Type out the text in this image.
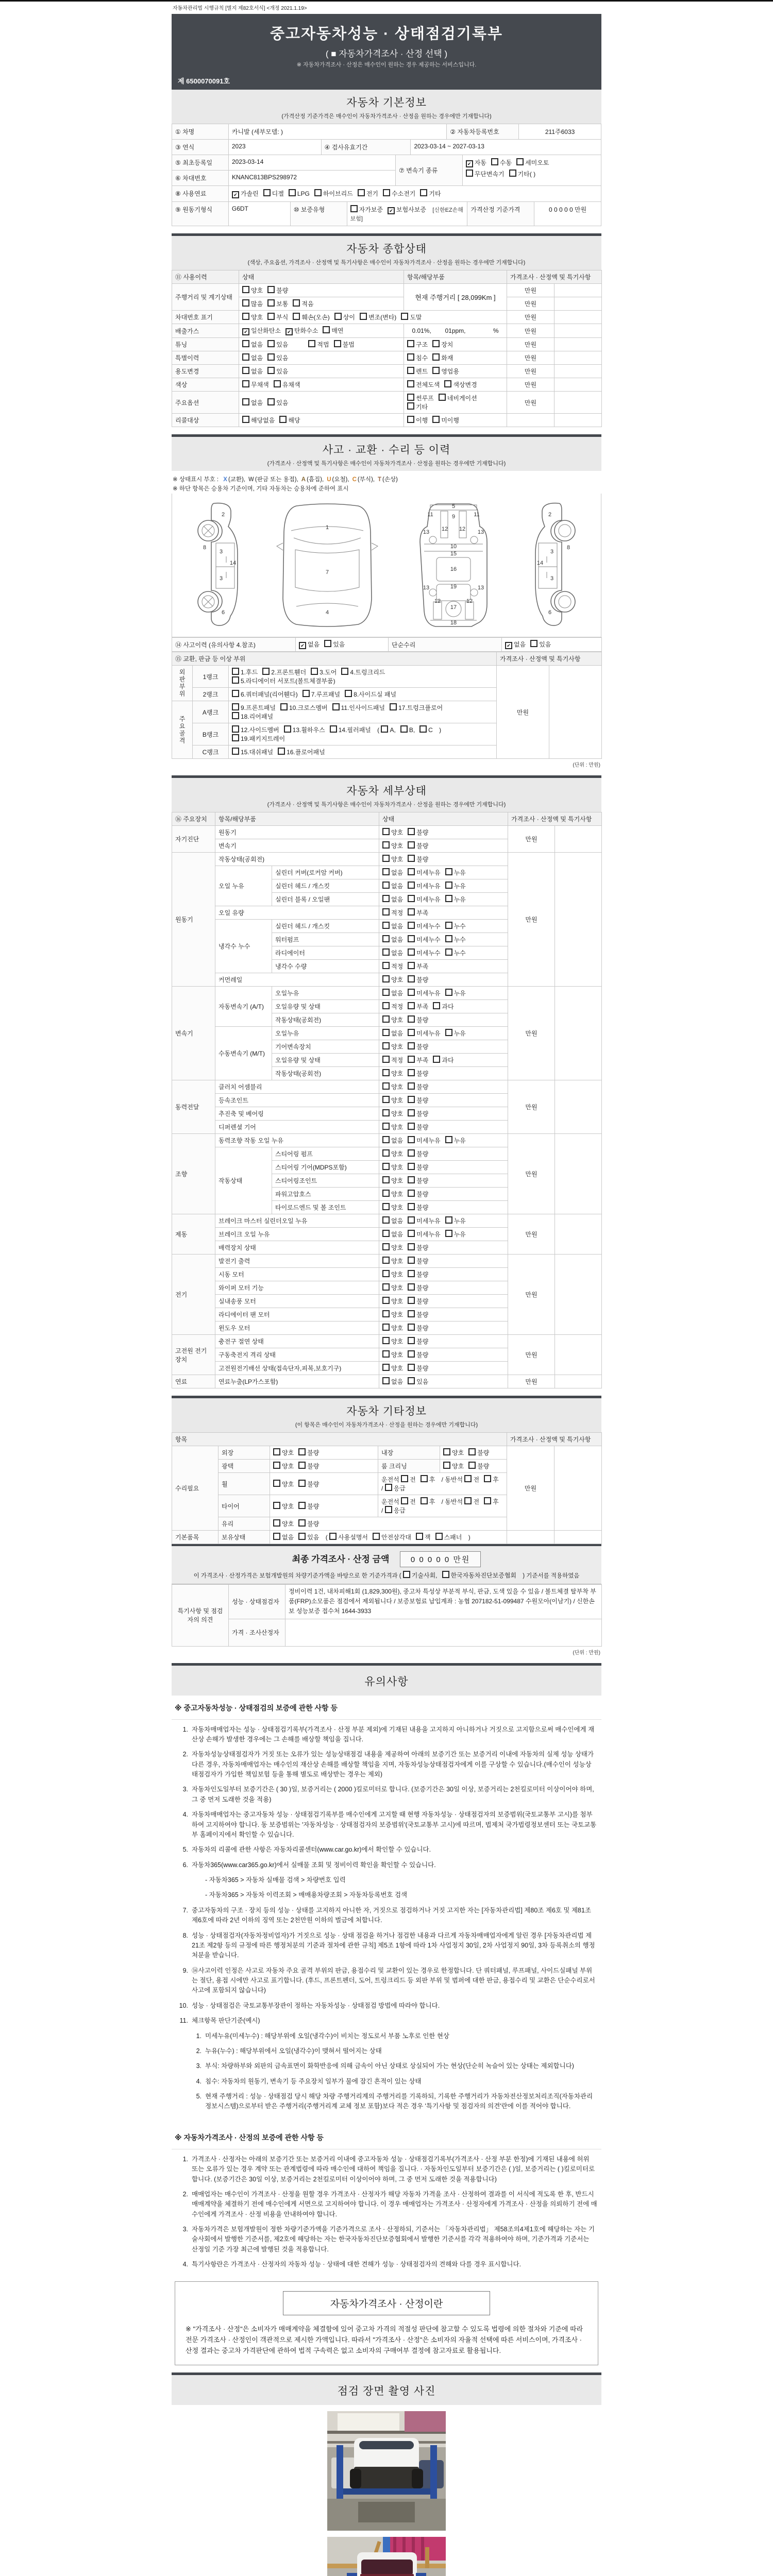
자동차관리법 시행규칙 [별지 제82호서식] <개정 2021.1.19>
중고자동차성능 · 상태점검기록부
( ■ 자동차가격조사 · 산정 선택 )
※ 자동차가격조사 · 산정은 매수인이 원하는 경우 제공하는 서비스입니다.
제 6500070091호
자동차 기본정보
(가격산정 기준가격은 매수인이 자동차가격조사 · 산정을 원하는 경우에만 기재합니다)
① 차명	카니발 (세부모델: )	② 자동차등록번호	211주6033
③ 연식	2023	④ 검사유효기간	2023-03-14 ~ 2027-03-13
⑤ 최초등록일	2023-03-14
⑥ 차대번호	KNANC813BPS298972
⑦ 변속기 종류
✔ 자동 수동 세미오토
무단변속기 기타( )
⑧ 사용연료	✔ 가솔린 디젤 LPG 하이브리드 전기 수소전기 기타
⑨ 원동기형식	G6DT	⑩ 보증유형	자가보증 ✔ 보험사보증 [신한EZ손해보험]
가격산정 기준가격	0 0 0 0 0 만원
자동차 종합상태
(색상, 주요옵션, 가격조사 · 산정액 및 특기사항은 매수인이 자동차가격조사 · 산정을 원하는 경우에만 기재합니다)
⑪ 사용이력	상태	항목/해당부품	가격조사 · 산정액 및 특기사항	
주행거리 및 계기상태	양호 불량	현재 주행거리 [ 28,099Km ]	만원	
	많음 보통 적음		만원	
차대번호 표기	양호 부식 훼손(오손) 상이 변조(변타) 도말		만원	
배출가스	✔ 일산화탄소 ✔ 탄화수소 매연	0.01%,        01ppm,                %	만원	
튜닝	없음 있음 적법 불법	구조 장치	만원	
특별이력	없음 있음	침수 화재	만원	
용도변경	없음 있음	렌트 영업용	만원	
색상	무채색 유채색	전체도색 색상변경	만원	
주요옵션	없음 있음	썬루프 네비게이션기타	만원	
리콜대상	해당없음 해당	이행 미이행		
사고 · 교환 · 수리 등 이력
(가격조사 · 산정액 및 특기사항은 매수인이 자동차가격조사 · 산정을 원하는 경우에만 기재합니다)
※ 상태표시 부호 : X (교환), W (판금 또는 용접), A (흠집), U (요철), C (부식), T (손상)
※ 하단 항목은 승용차 기준이며, 기타 자동차는 승용차에 준하여 표시
2
8
3
14
3
6
1
7
4
5
9
11	11
13	13
12 12
10
15
16
19
13	13
12	12
17
18
2
8
3
14
3
6
⑭ 사고이력 (유의사항 4.참조)	✔ 없음 있음	단순수리	✔ 없음 있음
⑮ 교환, 판금 등 이상 부위			가격조사 · 산정액 및 특기사항	

외판부위	1랭크	1.후드 2.프론트휀더 3.도어 4.트렁크리드5.라디에이터 서포트(볼트체결부품)	만원	
	2랭크	6.쿼터패널(리어휀다) 7.루프패널 8.사이드실 패널		

주요골격	A랭크	9.프론트패널 10.크로스멤버 11.인사이드패널 17.트렁크플로어18.리어패널		
	B랭크	12.사이드멤버 13.휠하우스 14.필러패널 ( A, B, C ) 19.패키지트레이		
	C랭크	15.대쉬패널 16.플로어패널		
(단위 : 만원)
자동차 세부상태
(가격조사 · 산정액 및 특기사항은 매수인이 자동차가격조사 · 산정을 원하는 경우에만 기재합니다)
⑯ 주요장치	항목/해당부품		상태	가격조사 · 산정액 및 특기사항	
자기진단	원동기		양호 불량	만원	
	변속기		양호 불량		
원동기	작동상태(공회전)		양호 불량	만원	
	오일 누유	실린더 커버(로커암 커버)	없음 미세누유 누유		
		실린더 헤드 / 개스킷	없음 미세누유 누유		
		실린더 블록 / 오일팬	없음 미세누유 누유		
	오일 유량		적정 부족		
	냉각수 누수	실린더 헤드 / 개스킷	없음 미세누수 누수		
		워터펌프	없음 미세누수 누수		
		라디에이터	없음 미세누수 누수		
		냉각수 수량	적정 부족		
	커먼레일		양호 불량		
변속기	자동변속기 (A/T)	오일누유	없음 미세누유 누유	만원	
		오일유량 및 상태	적정 부족 과다		
		작동상태(공회전)	양호 불량		
	수동변속기 (M/T)	오일누유	없음 미세누유 누유		
		기어변속장치	양호 불량		
		오일유량 및 상태	적정 부족 과다		
		작동상태(공회전)	양호 불량		
동력전달	클러치 어셈블리		양호 불량	만원	
	등속조인트		양호 불량		
	추진축 및 베어링		양호 불량		
	디퍼렌셜 기어		양호 불량		
조향	동력조향 작동 오일 누유		없음 미세누유 누유	만원	
	작동상태	스티어링 펌프	양호 불량		
		스티어링 기어(MDPS포함)	양호 불량		
		스티어링조인트	양호 불량		
		파워고압호스	양호 불량		
		타이로드엔드 및 볼 조인트	양호 불량		
제동	브레이크 마스터 실린더오일 누유		없음 미세누유 누유	만원	
	브레이크 오일 누유		없음 미세누유 누유		
	배력장치 상태		양호 불량		
전기	발전기 출력		양호 불량	만원	
	시동 모터		양호 불량		
	와이퍼 모터 기능		양호 불량		
	실내송풍 모터		양호 불량		
	라디에이터 팬 모터		양호 불량		
	윈도우 모터		양호 불량		
고전원 전기장치	충전구 절연 상태		양호 불량	만원	
	구동축전지 격리 상태		양호 불량		
	고전원전기배선 상태(접속단자,피복,보호기구)		양호 불량		
연료	연료누출(LP가스포함)		없음 있음	만원	
자동차 기타정보
(이 항목은 매수인이 자동차가격조사 · 산정을 원하는 경우에만 기재합니다)
항목					가격조사 · 산정액 및 특기사항	
수리필요	외장	양호 불량	내장	양호 불량	만원	
	광택	양호 불량	룸 크리닝	양호 불량		
	휠	양호 불량	운전석 전 후 / 동반석 전 후 / 응급			
	타이어	양호 불량	운전석 전 후 / 동반석 전 후 / 응급			
	유리	양호 불량				
기본품목	보유상태	없음 있음 ( 사용설명서 안전삼각대 잭 스패너 )				
최종 가격조사 · 산정 금액	0 0 0 0 0 만원
이 가격조사 · 산정가격은 보험개발원의 차량기준가액을 바탕으로 한 기준가격과 ( 기술사회, 한국자동차진단보증협회 ) 기준서를 적용하였음
특기사항 및 점검자의 의견	성능 · 상태점검자	정비이력 1건, 내차피해1회 (1,829,300원), 중고차 특성상 부분적 부식, 판금, 도색 있을 수 있음 / 볼트체결 탈부착 부품(FRP)소모품은 점검에서 제외됩니다 / 보증보험료 납입계좌 : 농협 207182-51-099487 수원모아(이남기) / 신한손보 성능보증 접수처 1644-3933
	가격 · 조사산정자	
(단위 : 만원)
유의사항
※ 중고자동차성능 · 상태점검의 보증에 관한 사항 등
1. 자동차매매업자는 성능 · 상태점검기록부(가격조사 · 산정 부분 제외)에 기재된 내용을 고지하지 아니하거나 거짓으로 고지함으로써 매수인에게 재산상 손해가 발생한 경우에는 그 손해를 배상할 책임을 집니다.
2. 자동차성능상태점검자가 거짓 또는 오류가 있는 성능상태점검 내용을 제공하여 아래의 보증기간 또는 보증거리 이내에 자동차의 실제 성능 상태가 다른 경우, 자동차매매업자는 매수인의 재산상 손해를 배상할 책임을 지며, 자동차성능상태점검자에게 이를 구상할 수 있습니다.(매수인이 성능상태점검자가 가입한 책임보험 등을 통해 별도로 배상받는 경우는 제외)
3. 자동차인도일부터 보증기간은 ( 30 )일, 보증거리는 ( 2000 )킬로미터로 합니다. (보증기간은 30일 이상, 보증거리는 2천킬로미터 이상이어야 하며, 그 중 먼저 도래한 것을 적용)
4. 자동차매매업자는 중고자동차 성능 · 상태점검기록부를 매수인에게 고지할 때 현행 자동차성능 · 상태점검자의 보증범위(국토교통부 고시)를 첨부하여 고지하여야 합니다. 동 보증범위는 '자동차성능 · 상태점검자의 보증범위'(국토교통부 고시)에 따르며, 법제처 국가법령정보센터 또는 국토교통부 홈페이지에서 확인할 수 있습니다.
5. 자동차의 리콜에 관한 사항은 자동차리콜센터(www.car.go.kr)에서 확인할 수 있습니다.
6. 자동차365(www.car365.go.kr)에서 실매물 조회 및 정비이력 확인을 확인할 수 있습니다.
- 자동차365 > 자동차 실매물 검색 > 차량번호 입력
- 자동차365 > 자동차 이력조회 > 매매용차량조회 > 자동차등록번호 검색
7. 중고자동차의 구조 · 장치 등의 성능 · 상태를 고지하지 아니한 자, 거짓으로 점검하거나 거짓 고지한 자는 [자동차관리법] 제80조 제6호 및 제81조 제6호에 따라 2년 이하의 징역 또는 2천만원 이하의 벌금에 처합니다.
8. 성능 · 상태점검자(자동차정비업자)가 거짓으로 성능 · 상태 점검을 하거나 점검한 내용과 다르게 자동차매매업자에게 알린 경우 [자동차관리법 제21조 제2항 등의 규정에 따른 행정처분의 기준과 절차에 관한 규칙] 제5조 1항에 따라 1차 사업정지 30일, 2차 사업정지 90일, 3차 등록취소의 행정처분을 받습니다.
9. ⑭사고이력 인정은 사고로 자동차 주요 골격 부위의 판금, 용접수리 및 교환이 있는 경우로 한정합니다. 단 쿼터패널, 루프패널, 사이드실패널 부위는 절단, 용접 시에만 사고로 표기합니다. (후드, 프론트펜더, 도어, 트렁크리드 등 외판 부위 및 범퍼에 대한 판금, 용접수리 및 교환은 단순수리로서 사고에 포함되지 않습니다)
10. 성능 · 상태점검은 국토교통부장관이 정하는 자동차성능 · 상태점검 방법에 따라야 합니다.
11. 체크항목 판단기준(예시)
1. 미세누유(미세누수) : 해당부위에 오일(냉각수)이 비치는 정도로서 부품 노후로 인한 현상
2. 누유(누수) : 해당부위에서 오일(냉각수)이 맺혀서 떨어지는 상태
3. 부식: 차량하부와 외판의 금속표면이 화학반응에 의해 금속이 아닌 상태로 상실되어 가는 현상(단순히 녹슬어 있는 상태는 제외합니다)
4. 침수: 자동차의 원동기, 변속기 등 주요장치 일부가 물에 잠긴 흔적이 있는 상태
5. 현재 주행거리 : 성능 · 상태점검 당시 해당 차량 주행거리계의 주행거리를 기록하되, 기록한 주행거리가 자동차전산정보처리조직(자동차관리정보시스템)으로부터 받은 주행거리(주행거리계 교체 정보 포함)보다 적은 경우 '특기사항 및 점검자의 의견'란에 이를 적어야 합니다.
※ 자동차가격조사 · 산정의 보증에 관한 사항 등
1. 가격조사 · 산정자는 아래의 보증기간 또는 보증거리 이내에 중고자동차 성능 · 상태점검기록부(가격조사 · 산정 부분 한정)에 기재된 내용에 허위 또는 오류가 있는 경우 계약 또는 관계법령에 따라 매수인에 대하여 책임을 집니다. · 자동차인도일부터 보증기간은 ( )일, 보증거리는 ( )킬로미터로 합니다. (보증기간은 30일 이상, 보증거리는 2천킬로미터 이상이어야 하며, 그 중 먼저 도래한 것을 적용합니다)
2. 매매업자는 매수인이 가격조사 · 산정을 원할 경우 가격조사 · 산정자가 해당 자동차 가격을 조사 · 산정하여 결과를 이 서식에 적도록 한 후, 반드시 매매계약을 체결하기 전에 매수인에게 서면으로 고지하여야 합니다. 이 경우 매매업자는 가격조사 · 산정자에게 가격조사 · 산정을 의뢰하기 전에 매수인에게 가격조사 · 산정 비용을 안내하여야 합니다.
3. 자동차가격은 보험개발원이 정한 차량기준가액을 기준가격으로 조사 · 산정하되, 기준서는 「자동차관리법」 제58조의4제1호에 해당하는 자는 기술사회에서 발행한 기준서를, 제2호에 해당하는 자는 한국자동차진단보증협회에서 발행한 기준서를 각각 적용하여야 하며, 기준가격과 기준서는 산정일 기준 가장 최근에 발행된 것을 적용합니다.
4. 특기사항란은 가격조사 · 산정자의 자동차 성능 · 상태에 대한 견해가 성능 · 상태점검자의 견해와 다를 경우 표시합니다.
자동차가격조사 · 산정이란
※ "가격조사 · 산정"은 소비자가 매매계약을 체결함에 있어 중고차 가격의 적절성 판단에 참고할 수 있도록 법령에 의한 절차와 기준에 따라 전문 가격조사 · 산정인이 객관적으로 제시한 가액입니다. 따라서 "가격조사 · 산정"은 소비자의 자율적 선택에 따른 서비스이며, 가격조사 · 산정 결과는 중고차 가격판단에 관하여 법적 구속력은 없고 소비자의 구매여부 결정에 참고자료로 활용됩니다.
점검 장면 촬영 사진
